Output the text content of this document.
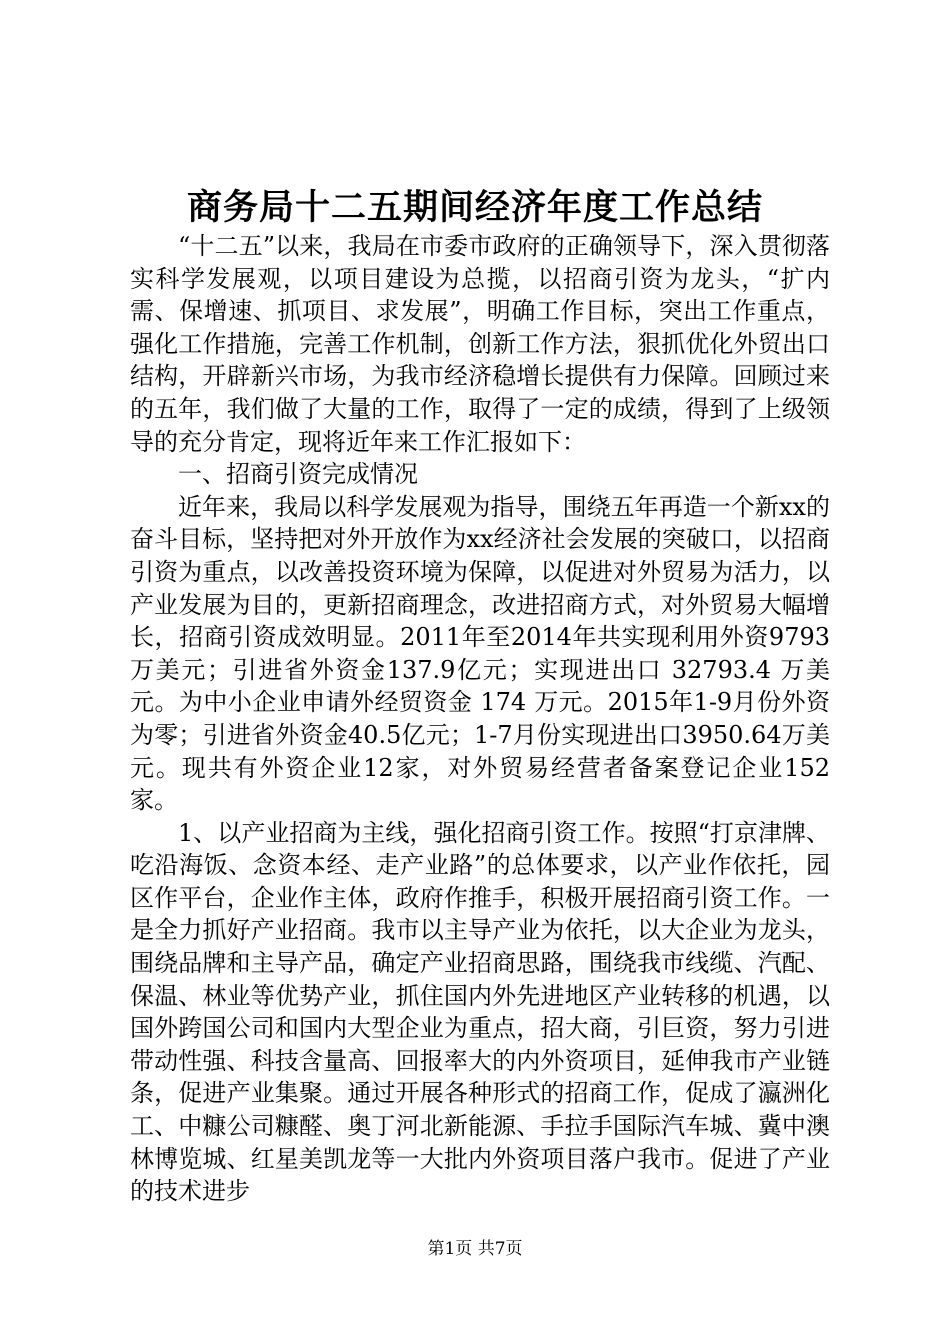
商务局十二五期间经济年度工作总结

“十二五”以来，我局在市委市政府的正确领导下，深入贯彻落实科学发展观，以项目建设为总揽，以招商引资为龙头，“扩内需、保增速、抓项目、求发展”，明确工作目标，突出工作重点，强化工作措施，完善工作机制，创新工作方法，狠抓优化外贸出口结构，开辟新兴市场，为我市经济稳增长提供有力保障。回顾过来的五年，我们做了大量的工作，取得了一定的成绩，得到了上级领导的充分肯定，现将近年来工作汇报如下：

一、招商引资完成情况

近年来，我局以科学发展观为指导，围绕五年再造一个新xx的奋斗目标，坚持把对外开放作为xx经济社会发展的突破口，以招商引资为重点，以改善投资环境为保障，以促进对外贸易为活力，以产业发展为目的，更新招商理念，改进招商方式，对外贸易大幅增长，招商引资成效明显。2011年至2014年共实现利用外资9793万美元；引进省外资金137.9亿元；实现进出口 32793.4 万美元。为中小企业申请外经贸资金 174 万元。2015年1-9月份外资为零；引进省外资金40.5亿元；1-7月份实现进出口3950.64万美元。现共有外资企业12家，对外贸易经营者备案登记企业152家。

1、以产业招商为主线，强化招商引资工作。按照“打京津牌、吃沿海饭、念资本经、走产业路”的总体要求，以产业作依托，园区作平台，企业作主体，政府作推手，积极开展招商引资工作。一是全力抓好产业招商。我市以主导产业为依托，以大企业为龙头，围绕品牌和主导产品，确定产业招商思路，围绕我市线缆、汽配、保温、林业等优势产业，抓住国内外先进地区产业转移的机遇，以国外跨国公司和国内大型企业为重点，招大商，引巨资，努力引进带动性强、科技含量高、回报率大的内外资项目，延伸我市产业链条，促进产业集聚。通过开展各种形式的招商工作，促成了瀛洲化工、中糠公司糠醛、奥丁河北新能源、手拉手国际汽车城、冀中澳林博览城、红星美凯龙等一大批内外资项目落户我市。促进了产业的技术进步

第1页 共7页
